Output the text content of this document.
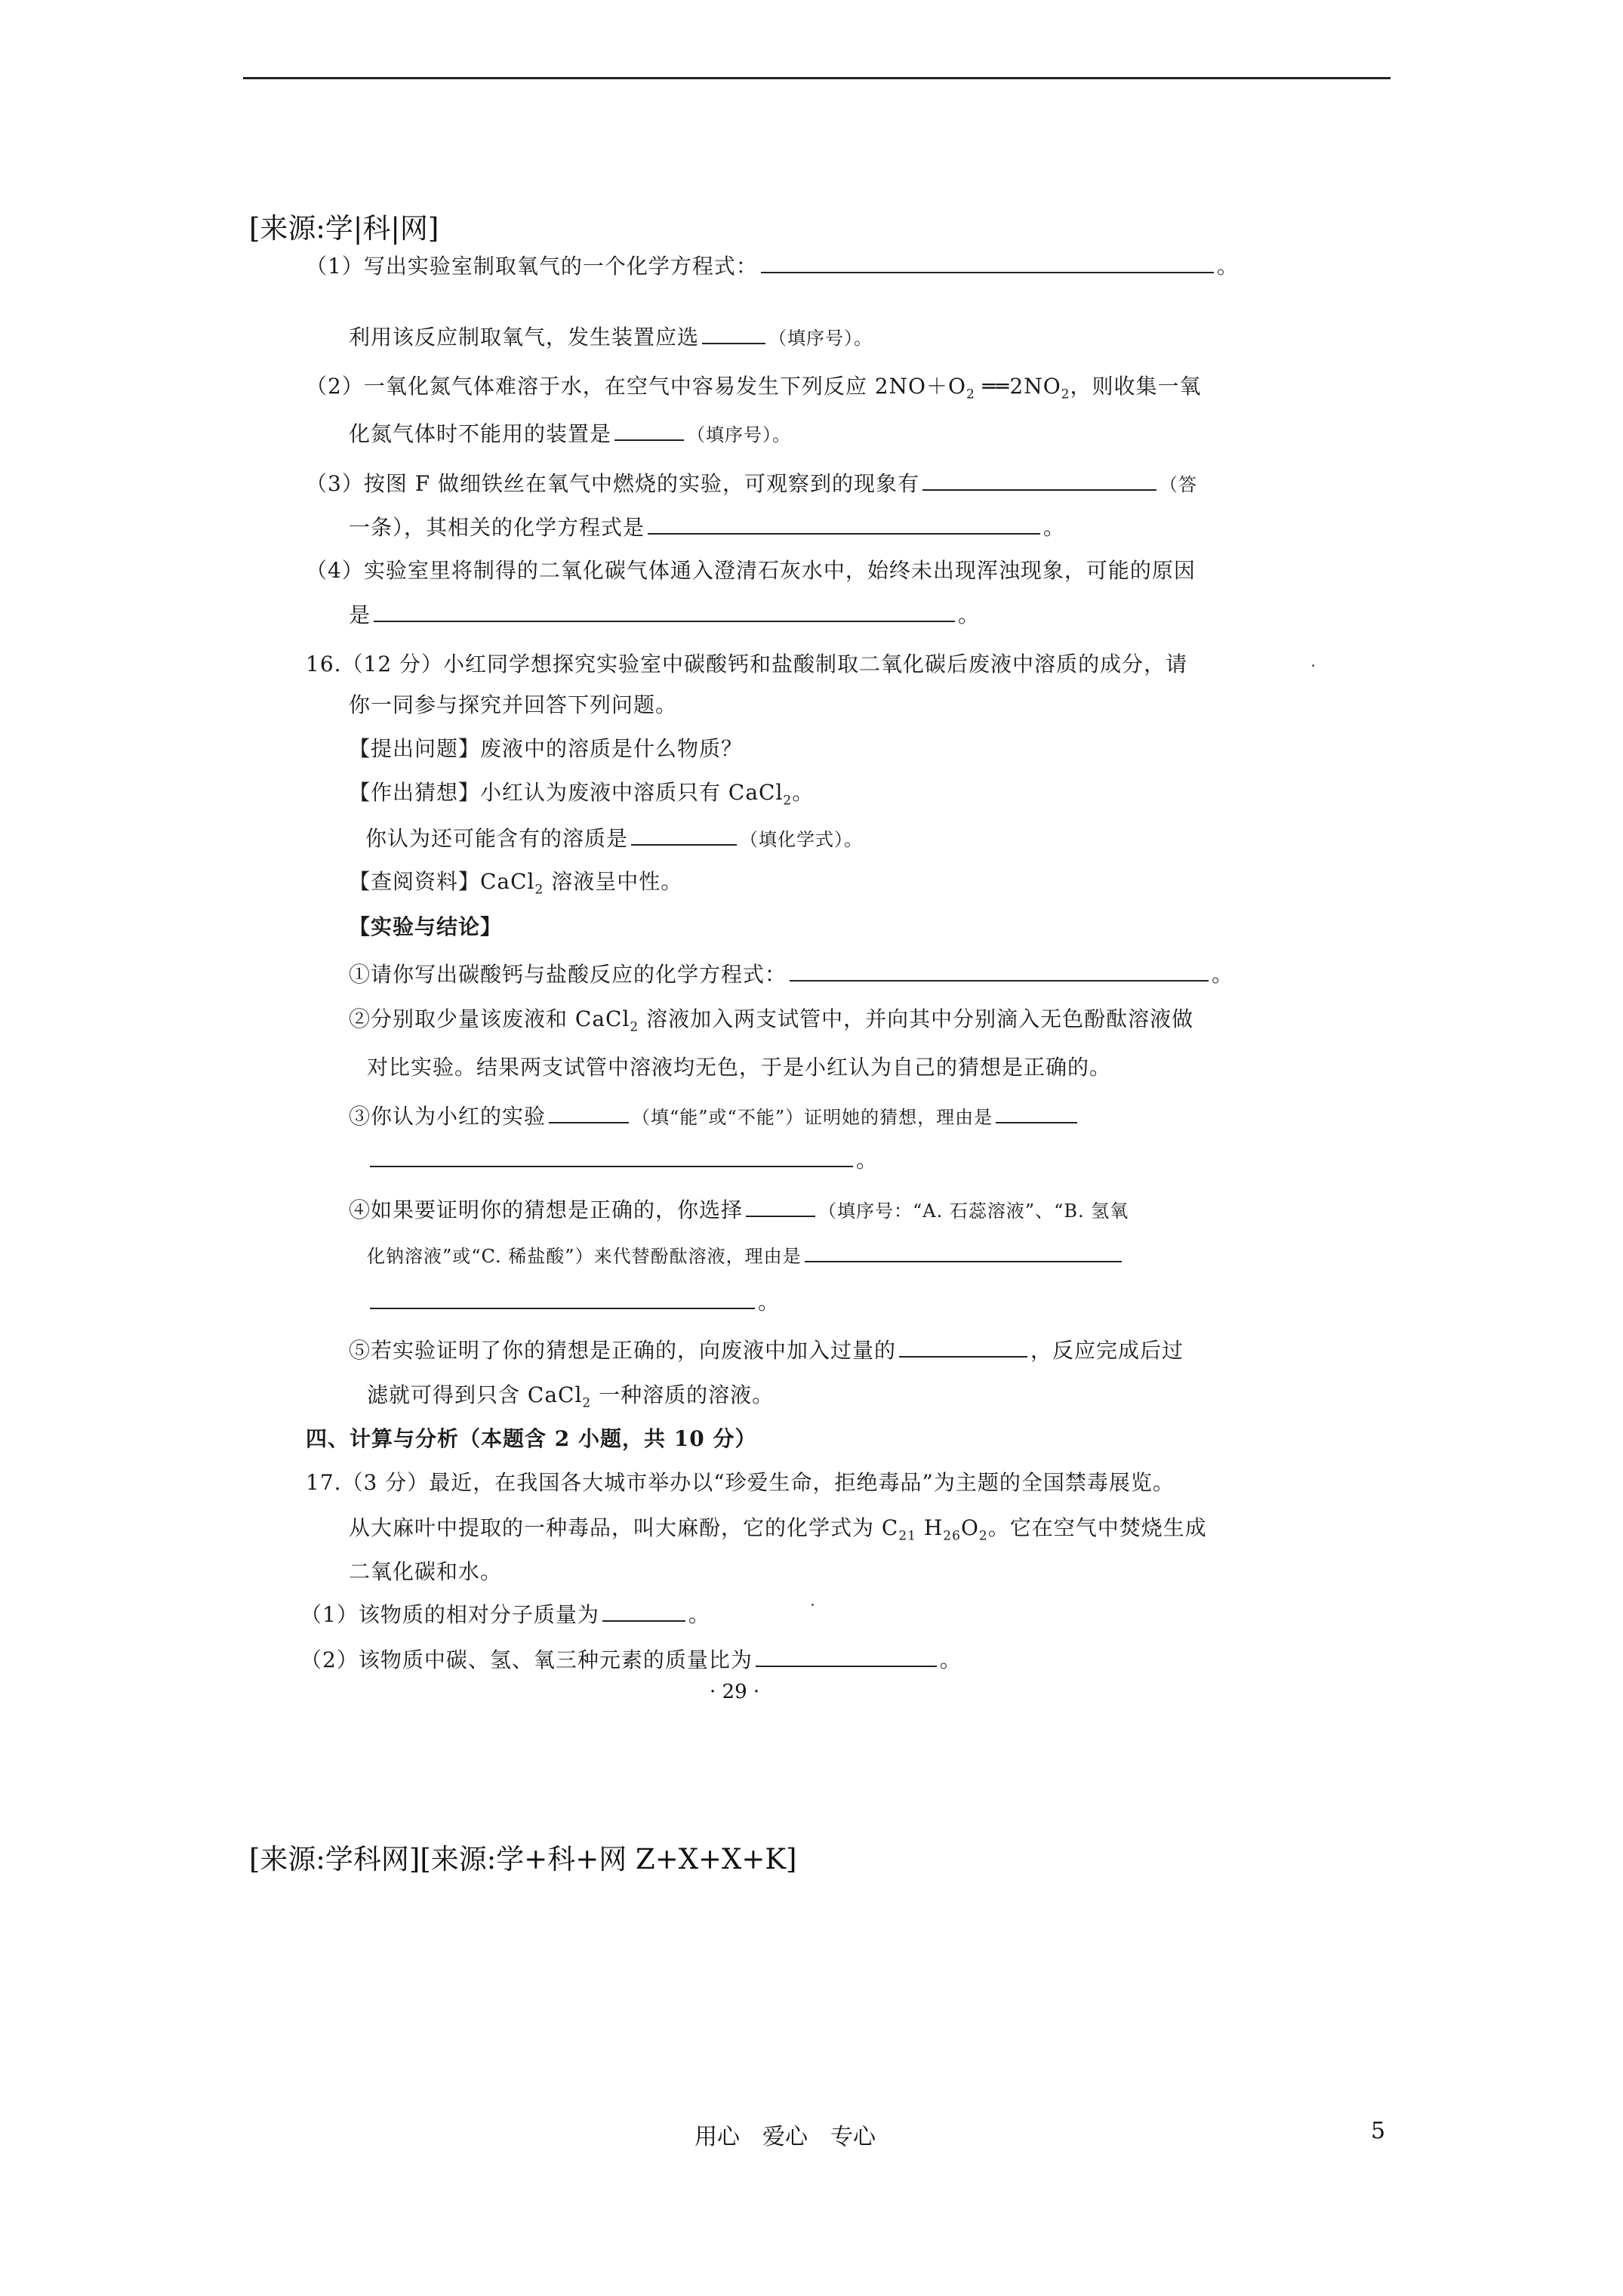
[来源:学|科|网]
（1）写出实验室制取氧气的一个化学方程式：	。
利用该反应制取氧气，发生装置应选	（填序号）。
（2）一氧化氮气体难溶于水，在空气中容易发生下列反应 $2NO+O_2$ $══2NO_2$，则收集一氧
化氮气体时不能用的装置是	（填序号）。
（3）按图 F 做细铁丝在氧气中燃烧的实验，可观察到的现象有	（答
一条），其相关的化学方程式是	。
（4）实验室里将制得的二氧化碳气体通入澄清石灰水中，始终未出现浑浊现象，可能的原因
是	。
16.（12 分）小红同学想探究实验室中碳酸钙和盐酸制取二氧化碳后废液中溶质的成分，请
你一同参与探究并回答下列问题。
【提出问题】废液中的溶质是什么物质？
【作出猜想】小红认为废液中溶质只有 CaCl$_2$。
你认为还可能含有的溶质是	（填化学式）。
【查阅资料】CaCl$_2$ 溶液呈中性。
【实验与结论】
①请你写出碳酸钙与盐酸反应的化学方程式：	。
②分别取少量该废液和 CaCl$_2$ 溶液加入两支试管中，并向其中分别滴入无色酚酞溶液做
对比实验。结果两支试管中溶液均无色，于是小红认为自己的猜想是正确的。
③你认为小红的实验	（填“能”或“不能”）证明她的猜想，理由是
。
④如果要证明你的猜想是正确的，你选择	（填序号：“A. 石蕊溶液”、“B. 氢氧
化钠溶液”或“C. 稀盐酸”）来代替酚酞溶液，理由是
。
⑤若实验证明了你的猜想是正确的，向废液中加入过量的	，反应完成后过
滤就可得到只含 CaCl$_2$ 一种溶质的溶液。
四、计算与分析（本题含 2 小题，共 10 分）
17.（3 分）最近，在我国各大城市举办以“珍爱生命，拒绝毒品”为主题的全国禁毒展览。
从大麻叶中提取的一种毒品，叫大麻酚，它的化学式为 $C_{21}$ $H_{26}O_2$。它在空气中焚烧生成
二氧化碳和水。
（1）该物质的相对分子质量为	。
（2）该物质中碳、氢、氧三种元素的质量比为	。
· 29 ·
[来源:学科网][来源:学+科+网 Z+X+X+K]
用心　爱心　专心	5
